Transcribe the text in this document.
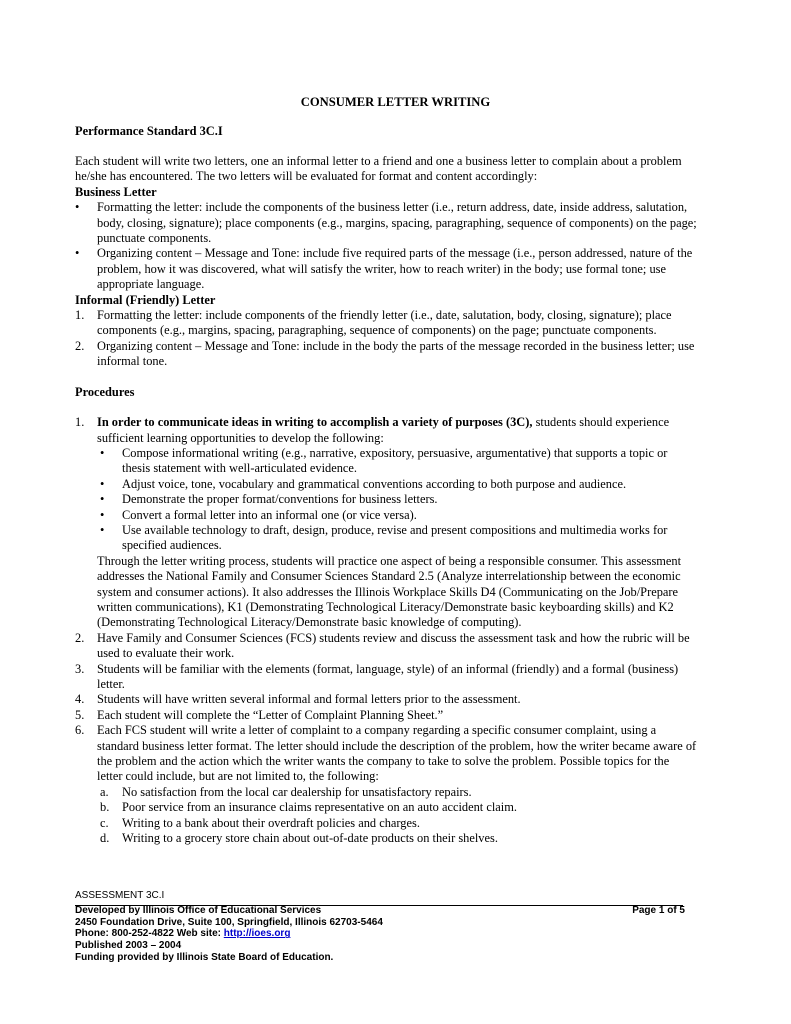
CONSUMER LETTER WRITING
Performance Standard 3C.I
Each student will write two letters, one an informal letter to a friend and one a business letter to complain about a problem he/she has encountered. The two letters will be evaluated for format and content accordingly:
Business Letter
• Formatting the letter: include the components of the business letter (i.e., return address, date, inside address, salutation, body, closing, signature); place components (e.g., margins, spacing, paragraphing, sequence of components) on the page; punctuate components.
• Organizing content – Message and Tone: include five required parts of the message (i.e., person addressed, nature of the problem, how it was discovered, what will satisfy the writer, how to reach writer) in the body; use formal tone; use appropriate language.
Informal (Friendly) Letter
1. Formatting the letter: include components of the friendly letter (i.e., date, salutation, body, closing, signature); place components (e.g., margins, spacing, paragraphing, sequence of components) on the page; punctuate components.
2. Organizing content – Message and Tone: include in the body the parts of the message recorded in the business letter; use informal tone.
Procedures
1. In order to communicate ideas in writing to accomplish a variety of purposes (3C), students should experience sufficient learning opportunities to develop the following:
• Compose informational writing (e.g., narrative, expository, persuasive, argumentative) that supports a topic or thesis statement with well-articulated evidence.
• Adjust voice, tone, vocabulary and grammatical conventions according to both purpose and audience.
• Demonstrate the proper format/conventions for business letters.
• Convert a formal letter into an informal one (or vice versa).
• Use available technology to draft, design, produce, revise and present compositions and multimedia works for specified audiences.
Through the letter writing process, students will practice one aspect of being a responsible consumer. This assessment addresses the National Family and Consumer Sciences Standard 2.5 (Analyze interrelationship between the economic system and consumer actions). It also addresses the Illinois Workplace Skills D4 (Communicating on the Job/Prepare written communications), K1 (Demonstrating Technological Literacy/Demonstrate basic keyboarding skills) and K2 (Demonstrating Technological Literacy/Demonstrate basic knowledge of computing).
2. Have Family and Consumer Sciences (FCS) students review and discuss the assessment task and how the rubric will be used to evaluate their work.
3. Students will be familiar with the elements (format, language, style) of an informal (friendly) and a formal (business) letter.
4. Students will have written several informal and formal letters prior to the assessment.
5. Each student will complete the “Letter of Complaint Planning Sheet.”
6. Each FCS student will write a letter of complaint to a company regarding a specific consumer complaint, using a standard business letter format. The letter should include the description of the problem, how the writer became aware of the problem and the action which the writer wants the company to take to solve the problem. Possible topics for the letter could include, but are not limited to, the following:
a. No satisfaction from the local car dealership for unsatisfactory repairs.
b. Poor service from an insurance claims representative on an auto accident claim.
c. Writing to a bank about their overdraft policies and charges.
d. Writing to a grocery store chain about out-of-date products on their shelves.
ASSESSMENT 3C.I
Developed by Illinois Office of Educational Services	Page 1 of 5
2450 Foundation Drive, Suite 100, Springfield, Illinois 62703-5464
Phone: 800-252-4822 Web site: http://ioes.org
Published 2003 – 2004
Funding provided by Illinois State Board of Education.
